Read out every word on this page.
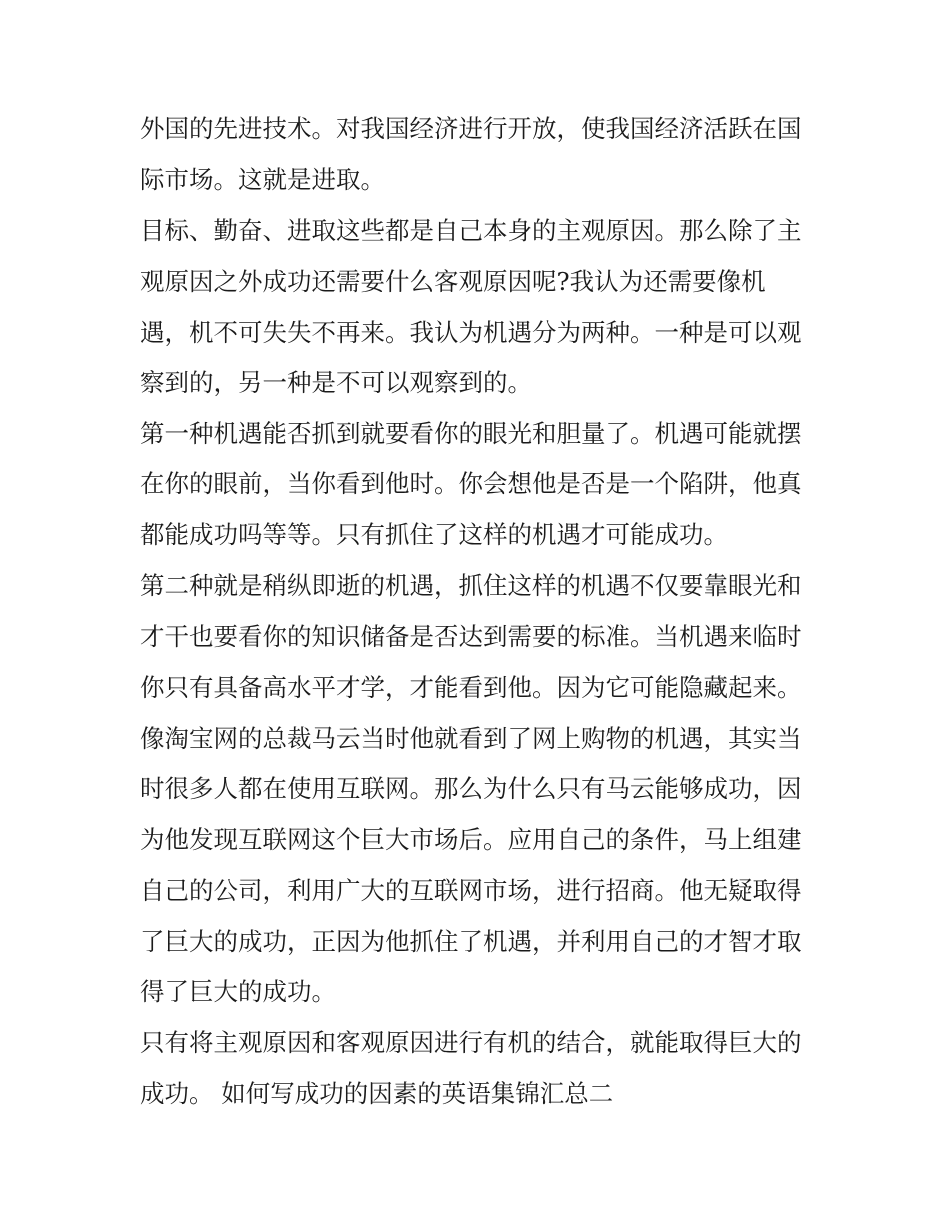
外国的先进技术。对我国经济进行开放，使我国经济活跃在国
际市场。这就是进取。
目标、勤奋、进取这些都是自己本身的主观原因。那么除了主
观原因之外成功还需要什么客观原因呢?我认为还需要像机
遇，机不可失失不再来。我认为机遇分为两种。一种是可以观
察到的，另一种是不可以观察到的。
第一种机遇能否抓到就要看你的眼光和胆量了。机遇可能就摆
在你的眼前，当你看到他时。你会想他是否是一个陷阱，他真
都能成功吗等等。只有抓住了这样的机遇才可能成功。
第二种就是稍纵即逝的机遇，抓住这样的机遇不仅要靠眼光和
才干也要看你的知识储备是否达到需要的标准。当机遇来临时
你只有具备高水平才学，才能看到他。因为它可能隐藏起来。
像淘宝网的总裁马云当时他就看到了网上购物的机遇，其实当
时很多人都在使用互联网。那么为什么只有马云能够成功，因
为他发现互联网这个巨大市场后。应用自己的条件，马上组建
自己的公司，利用广大的互联网市场，进行招商。他无疑取得
了巨大的成功，正因为他抓住了机遇，并利用自己的才智才取
得了巨大的成功。
只有将主观原因和客观原因进行有机的结合，就能取得巨大的
成功。 如何写成功的因素的英语集锦汇总二
